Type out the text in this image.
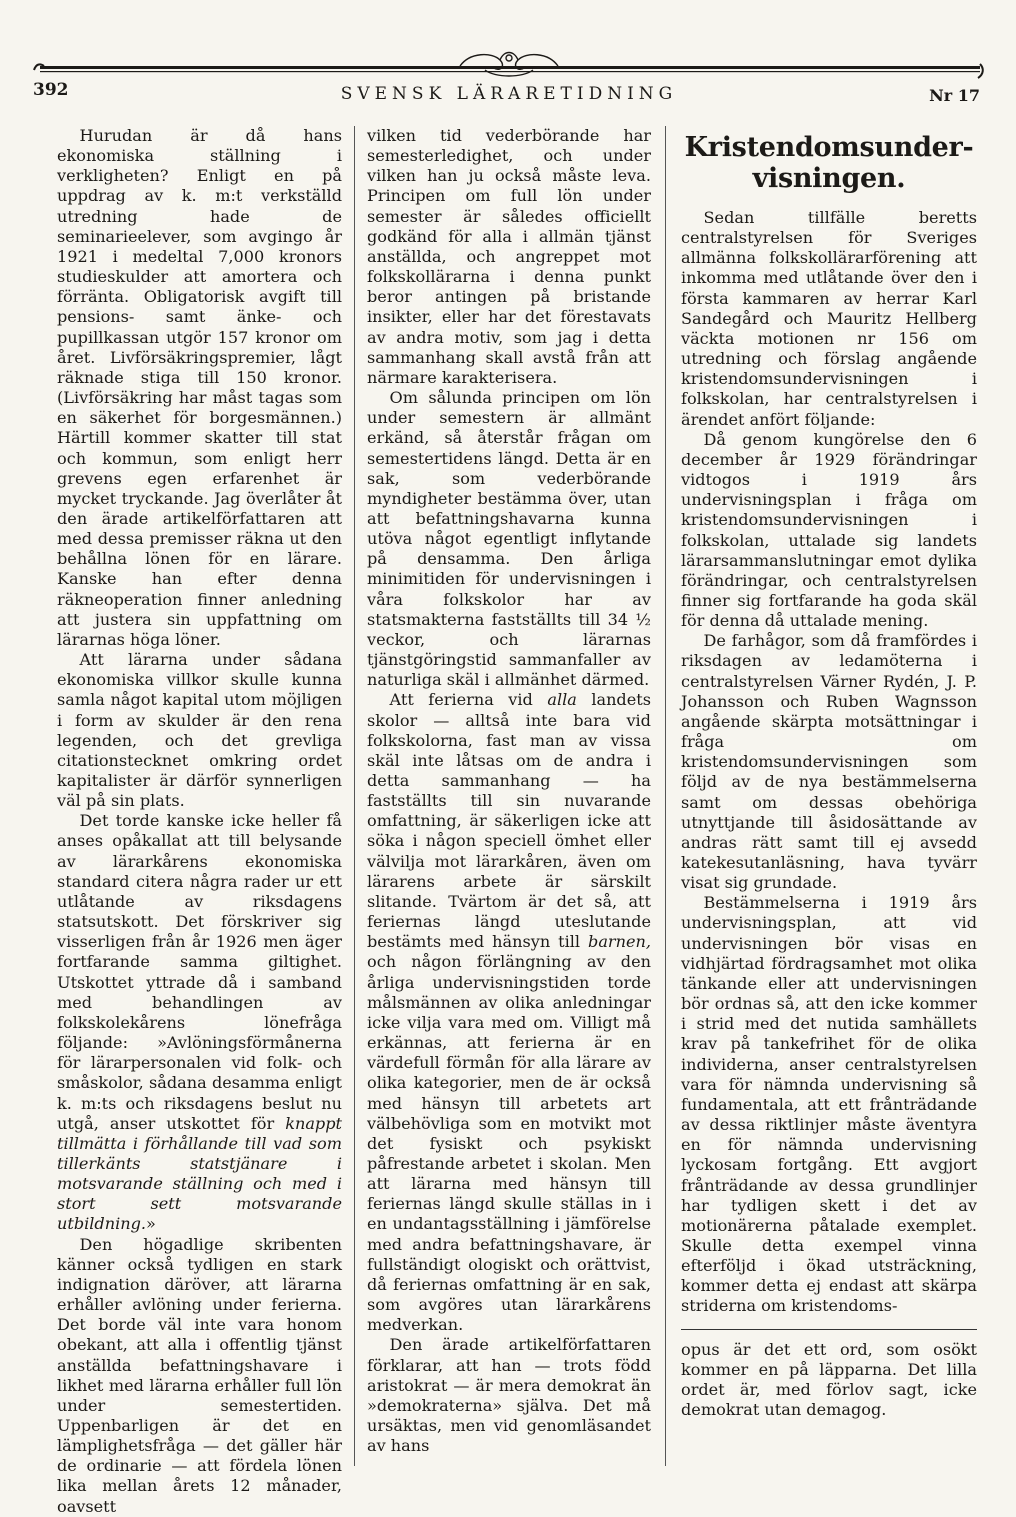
392	SVENSK LÄRARETIDNING	Nr 17

Hurudan är då hans ekonomiska ställning i verkligheten? Enligt en på uppdrag av k. m:t verkställd utredning hade de seminarieelever, som avgingo år 1921 i medeltal 7,000 kronors studieskulder att amortera och förränta. Obligatorisk avgift till pensions- samt änke- och pupillkassan utgör 157 kronor om året. Livförsäkringspremier, lågt räknade stiga till 150 kronor. (Livförsäkring har måst tagas som en säkerhet för borgesmännen.) Härtill kommer skatter till stat och kommun, som enligt herr grevens egen erfarenhet är mycket tryckande. Jag överlåter åt den ärade artikelförfattaren att med dessa premisser räkna ut den behållna lönen för en lärare. Kanske han efter denna räkneoperation finner anledning att justera sin uppfattning om lärarnas höga löner.

Att lärarna under sådana ekonomiska villkor skulle kunna samla något kapital utom möjligen i form av skulder är den rena legenden, och det grevliga citationstecknet omkring ordet kapitalister är därför synnerligen väl på sin plats.

Det torde kanske icke heller få anses opåkallat att till belysande av lärarkårens ekonomiska standard citera några rader ur ett utlåtande av riksdagens statsutskott. Det förskriver sig visserligen från år 1926 men äger fortfarande samma giltighet. Utskottet yttrade då i samband med behandlingen av folkskolekårens lönefråga följande: »Avlöningsförmånerna för lärarpersonalen vid folk- och småskolor, sådana desamma enligt k. m:ts och riksdagens beslut nu utgå, anser utskottet för knappt tillmätta i förhållande till vad som tillerkänts statstjänare i motsvarande ställning och med i stort sett motsvarande utbildning.»

Den högadlige skribenten känner också tydligen en stark indignation däröver, att lärarna erhåller avlöning under ferierna. Det borde väl inte vara honom obekant, att alla i offentlig tjänst anställda befattningshavare i likhet med lärarna erhåller full lön under semestertiden. Uppenbarligen är det en lämplighetsfråga — det gäller här de ordinarie — att fördela lönen lika mellan årets 12 månader, oavsett

vilken tid vederbörande har semesterledighet, och under vilken han ju också måste leva. Principen om full lön under semester är således officiellt godkänd för alla i allmän tjänst anställda, och angreppet mot folkskollärarna i denna punkt beror antingen på bristande insikter, eller har det förestavats av andra motiv, som jag i detta sammanhang skall avstå från att närmare karakterisera.

Om sålunda principen om lön under semestern är allmänt erkänd, så återstår frågan om semestertidens längd. Detta är en sak, som vederbörande myndigheter bestämma över, utan att befattningshavarna kunna utöva något egentligt inflytande på densamma. Den årliga minimitiden för undervisningen i våra folkskolor har av statsmakterna fastställts till 34 ½ veckor, och lärarnas tjänstgöringstid sammanfaller av naturliga skäl i allmänhet därmed.

Att ferierna vid alla landets skolor — alltså inte bara vid folkskolorna, fast man av vissa skäl inte låtsas om de andra i detta sammanhang — ha fastställts till sin nuvarande omfattning, är säkerligen icke att söka i någon speciell ömhet eller välvilja mot lärarkåren, även om lärarens arbete är särskilt slitande. Tvärtom är det så, att feriernas längd uteslutande bestämts med hänsyn till barnen, och någon förlängning av den årliga undervisningstiden torde målsmännen av olika anledningar icke vilja vara med om. Villigt må erkännas, att ferierna är en värdefull förmån för alla lärare av olika kategorier, men de är också med hänsyn till arbetets art välbehövliga som en motvikt mot det fysiskt och psykiskt påfrestande arbetet i skolan. Men att lärarna med hänsyn till feriernas längd skulle ställas in i en undantagsställning i jämförelse med andra befattningshavare, är fullständigt ologiskt och orättvist, då feriernas omfattning är en sak, som avgöres utan lärarkårens medverkan.

Den ärade artikelförfattaren förklarar, att han — trots född aristokrat — är mera demokrat än »demokraterna» själva. Det må ursäktas, men vid genomläsandet av hans

Kristendomsunder- visningen.

Sedan tillfälle beretts centralstyrelsen för Sveriges allmänna folkskollärarförening att inkomma med utlåtande över den i första kammaren av herrar Karl Sandegård och Mauritz Hellberg väckta motionen nr 156 om utredning och förslag angående kristendomsundervisningen i folkskolan, har centralstyrelsen i ärendet anfört följande:

Då genom kungörelse den 6 december år 1929 förändringar vidtogos i 1919 års undervisningsplan i fråga om kristendomsundervisningen i folkskolan, uttalade sig landets lärarsammanslutningar emot dylika förändringar, och centralstyrelsen finner sig fortfarande ha goda skäl för denna då uttalade mening.

De farhågor, som då framfördes i riksdagen av ledamöterna i centralstyrelsen Värner Rydén, J. P. Johansson och Ruben Wagnsson angående skärpta motsättningar i fråga om kristendomsundervisningen som följd av de nya bestämmelserna samt om dessas obehöriga utnyttjande till åsidosättande av andras rätt samt till ej avsedd katekesutanläsning, hava tyvärr visat sig grundade.

Bestämmelserna i 1919 års undervisningsplan, att vid undervisningen bör visas en vidhjärtad fördragsamhet mot olika tänkande eller att undervisningen bör ordnas så, att den icke kommer i strid med det nutida samhällets krav på tankefrihet för de olika individerna, anser centralstyrelsen vara för nämnda undervisning så fundamentala, att ett frånträdande av dessa riktlinjer måste äventyra en för nämnda undervisning lyckosam fortgång. Ett avgjort frånträdande av dessa grundlinjer har tydligen skett i det av motionärerna påtalade exemplet. Skulle detta exempel vinna efterföljd i ökad utsträckning, kommer detta ej endast att skärpa striderna om kristendoms-

opus är det ett ord, som osökt kommer en på läpparna. Det lilla ordet är, med förlov sagt, icke demokrat utan demagog.
